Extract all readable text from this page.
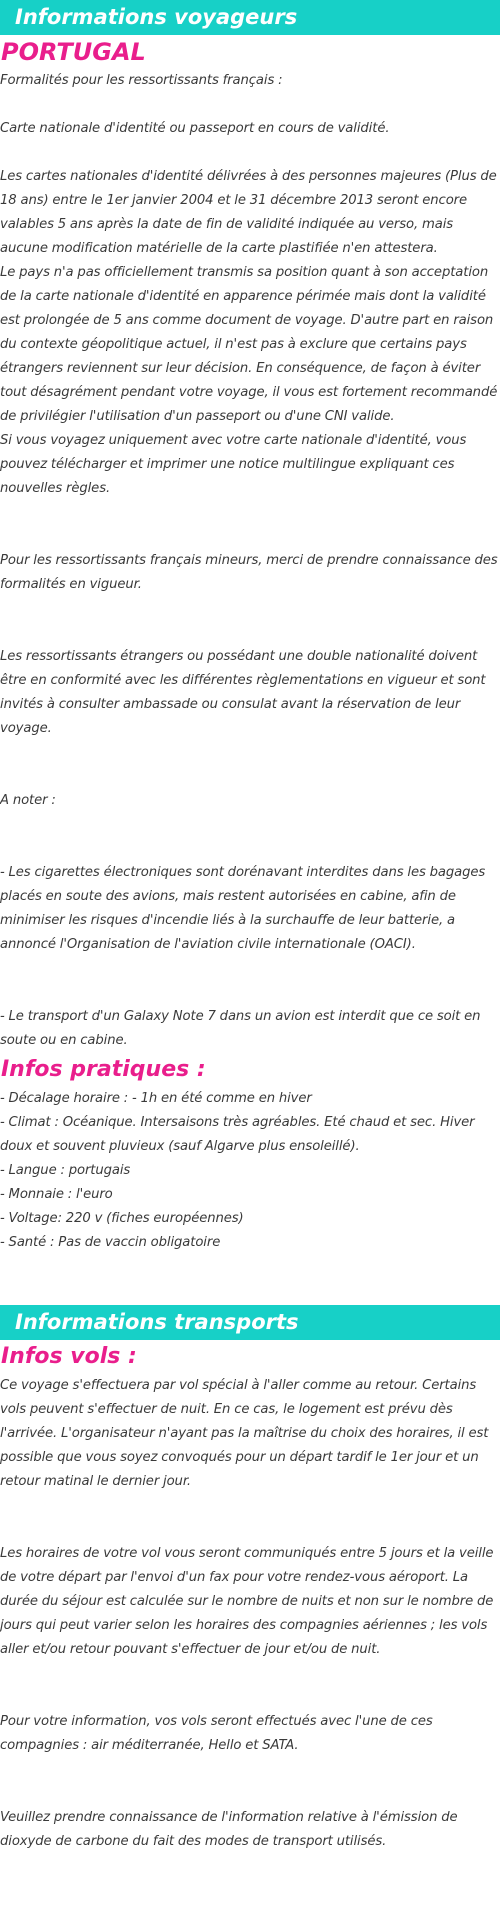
Informations voyageurs
PORTUGAL

Formalités pour les ressortissants français :

Carte nationale d'identité ou passeport en cours de validité.

Les cartes nationales d'identité délivrées à des personnes majeures (Plus de 18 ans) entre le 1er janvier 2004 et le 31 décembre 2013 seront encore valables 5 ans après la date de fin de validité indiquée au verso, mais aucune modification matérielle de la carte plastifiée n'en attestera.

Le pays n'a pas officiellement transmis sa position quant à son acceptation de la carte nationale d'identité en apparence périmée mais dont la validité est prolongée de 5 ans comme document de voyage. D'autre part en raison du contexte géopolitique actuel, il n'est pas à exclure que certains pays étrangers reviennent sur leur décision. En conséquence, de façon à éviter tout désagrément pendant votre voyage, il vous est fortement recommandé de privilégier l'utilisation d'un passeport ou d'une CNI valide.

Si vous voyagez uniquement avec votre carte nationale d'identité, vous pouvez télécharger et imprimer une notice multilingue expliquant ces nouvelles règles.

Pour les ressortissants français mineurs, merci de prendre connaissance des formalités en vigueur.

Les ressortissants étrangers ou possédant une double nationalité doivent être en conformité avec les différentes règlementations en vigueur et sont invités à consulter ambassade ou consulat avant la réservation de leur voyage.

A noter :

- Les cigarettes électroniques sont dorénavant interdites dans les bagages placés en soute des avions, mais restent autorisées en cabine, afin de minimiser les risques d'incendie liés à la surchauffe de leur batterie, a annoncé l'Organisation de l'aviation civile internationale (OACI).

- Le transport d'un Galaxy Note 7 dans un avion est interdit que ce soit en soute ou en cabine.

Infos pratiques :

- Décalage horaire : - 1h en été comme en hiver

- Climat : Océanique. Intersaisons très agréables. Eté chaud et sec. Hiver doux et souvent pluvieux (sauf Algarve plus ensoleillé).

- Langue : portugais

- Monnaie : l'euro

- Voltage: 220 v (fiches européennes)

- Santé : Pas de vaccin obligatoire

Informations transports
Infos vols :

Ce voyage s'effectuera par vol spécial à l'aller comme au retour. Certains vols peuvent s'effectuer de nuit. En ce cas, le logement est prévu dès l'arrivée. L'organisateur n'ayant pas la maîtrise du choix des horaires, il est possible que vous soyez convoqués pour un départ tardif le 1er jour et un retour matinal le dernier jour.

Les horaires de votre vol vous seront communiqués entre 5 jours et la veille de votre départ par l'envoi d'un fax pour votre rendez-vous aéroport. La durée du séjour est calculée sur le nombre de nuits et non sur le nombre de jours qui peut varier selon les horaires des compagnies aériennes ; les vols aller et/ou retour pouvant s'effectuer de jour et/ou de nuit.

Pour votre information, vos vols seront effectués avec l'une de ces compagnies : air méditerranée, Hello et SATA.

Veuillez prendre connaissance de l'information relative à l'émission de dioxyde de carbone du fait des modes de transport utilisés.
